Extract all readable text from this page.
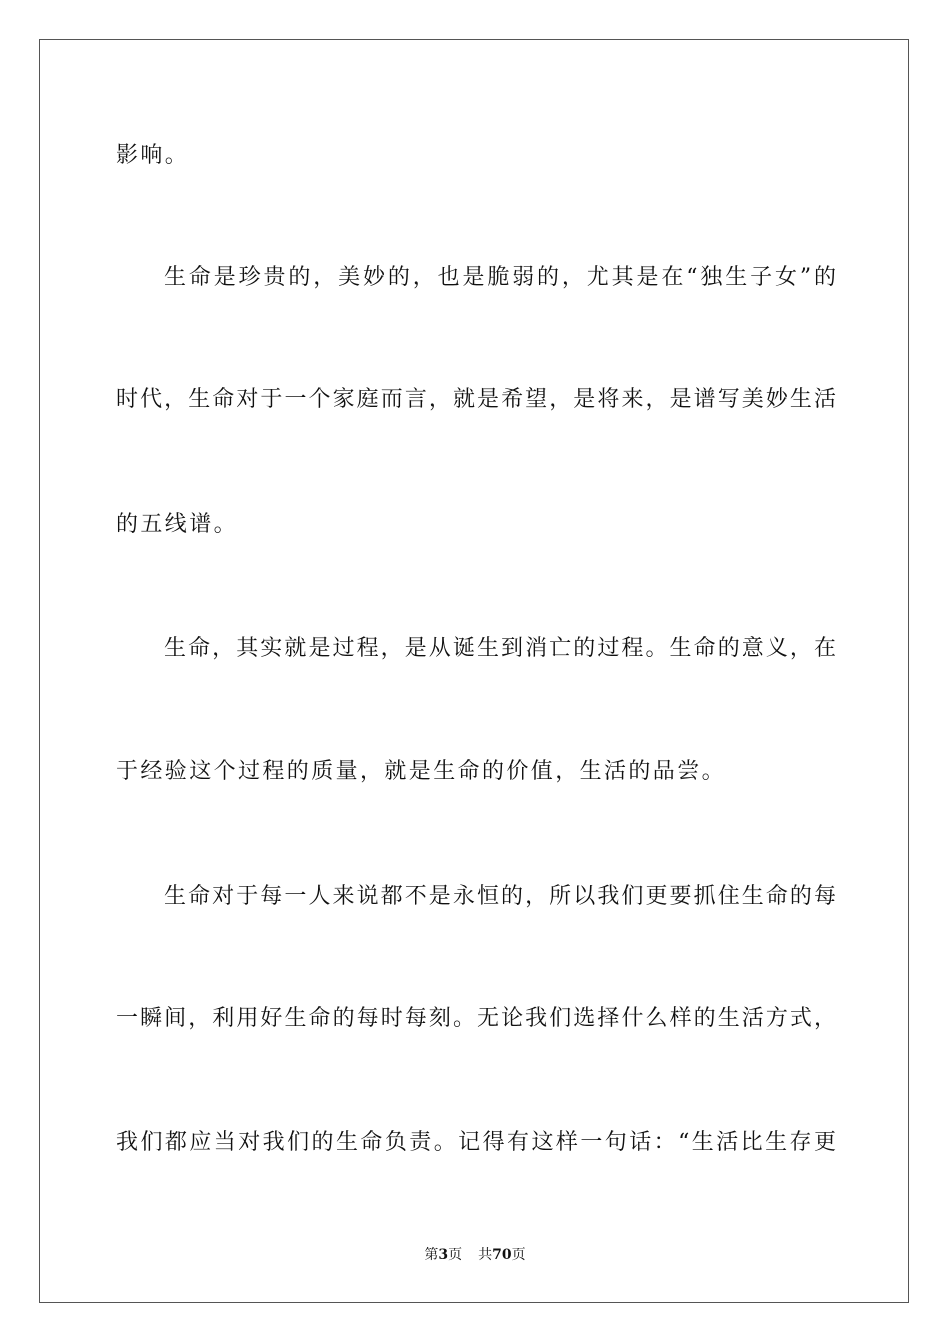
影响。
生命是珍贵的，美妙的，也是脆弱的，尤其是在“独生子女”的
时代，生命对于一个家庭而言，就是希望，是将来，是谱写美妙生活
的五线谱。
生命，其实就是过程，是从诞生到消亡的过程。生命的意义，在
于经验这个过程的质量，就是生命的价值，生活的品尝。
生命对于每一人来说都不是永恒的，所以我们更要抓住生命的每
一瞬间，利用好生命的每时每刻。无论我们选择什么样的生活方式，
我们都应当对我们的生命负责。记得有这样一句话：“生活比生存更
第3页 共70页
